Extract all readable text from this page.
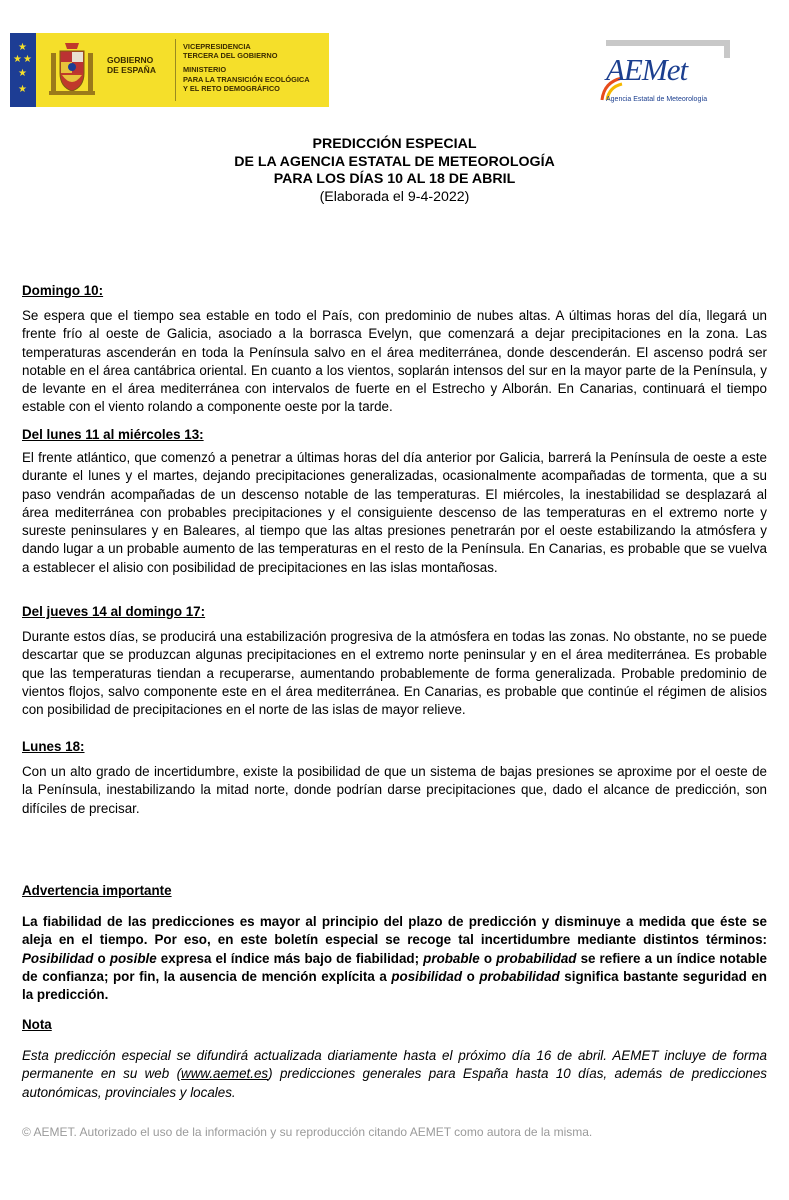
★
★ ★
★
★
GOBIERNO
DE ESPAÑA
VICEPRESIDENCIA
TERCERA DEL GOBIERNO
MINISTERIO
PARA LA TRANSICIÓN ECOLÓGICA
Y EL RETO DEMOGRÁFICO
AEMet
Agencia Estatal de Meteorología
PREDICCIÓN ESPECIAL
DE LA AGENCIA ESTATAL DE METEOROLOGÍA
PARA LOS DÍAS 10 AL 18 DE ABRIL
(Elaborada el 9-4-2022)

Domingo 10:

Se espera que el tiempo sea estable en todo el País, con predominio de nubes altas. A últimas horas del día, llegará un frente frío al oeste de Galicia, asociado a la borrasca Evelyn, que comenzará a dejar precipitaciones en la zona. Las temperaturas ascenderán en toda la Península salvo en el área mediterránea, donde descenderán. El ascenso podrá ser notable en el área cantábrica oriental. En cuanto a los vientos, soplarán intensos del sur en la mayor parte de la Península, y de levante en el área mediterránea con intervalos de fuerte en el Estrecho y Alborán. En Canarias, continuará el tiempo estable con el viento rolando a componente oeste por la tarde.

Del lunes 11 al miércoles 13:

El frente atlántico, que comenzó a penetrar a últimas horas del día anterior por Galicia, barrerá la Península de oeste a este durante el lunes y el martes, dejando precipitaciones generalizadas, ocasionalmente acompañadas de tormenta, que a su paso vendrán acompañadas de un descenso notable de las temperaturas. El miércoles, la inestabilidad se desplazará al área mediterránea con probables precipitaciones y el consiguiente descenso de las temperaturas en el extremo norte y sureste peninsulares y en Baleares, al tiempo que las altas presiones penetrarán por el oeste estabilizando la atmósfera y dando lugar a un probable aumento de las temperaturas en el resto de la Península. En Canarias, es probable que se vuelva a establecer el alisio con posibilidad de precipitaciones en las islas montañosas.

Del jueves 14 al domingo 17:

Durante estos días, se producirá una estabilización progresiva de la atmósfera en todas las zonas. No obstante, no se puede descartar que se produzcan algunas precipitaciones en el extremo norte peninsular y en el área mediterránea. Es probable que las temperaturas tiendan a recuperarse, aumentando probablemente de forma generalizada. Probable predominio de vientos flojos, salvo componente este en el área mediterránea. En Canarias, es probable que continúe el régimen de alisios con posibilidad de precipitaciones en el norte de las islas de mayor relieve.

Lunes 18:

Con un alto grado de incertidumbre, existe la posibilidad de que un sistema de bajas presiones se aproxime por el oeste de la Península, inestabilizando la mitad norte, donde podrían darse precipitaciones que, dado el alcance de predicción, son difíciles de precisar.

Advertencia importante

La fiabilidad de las predicciones es mayor al principio del plazo de predicción y disminuye a medida que éste se aleja en el tiempo. Por eso, en este boletín especial se recoge tal incertidumbre mediante distintos términos: Posibilidad o posible expresa el índice más bajo de fiabilidad; probable o probabilidad se refiere a un índice notable de confianza; por fin, la ausencia de mención explícita a posibilidad o probabilidad significa bastante seguridad en la predicción.

Nota

Esta predicción especial se difundirá actualizada diariamente hasta el próximo día 16 de abril. AEMET incluye de forma permanente en su web (www.aemet.es) predicciones generales para España hasta 10 días, además de predicciones autonómicas, provinciales y locales.

© AEMET. Autorizado el uso de la información y su reproducción citando AEMET como autora de la misma.
